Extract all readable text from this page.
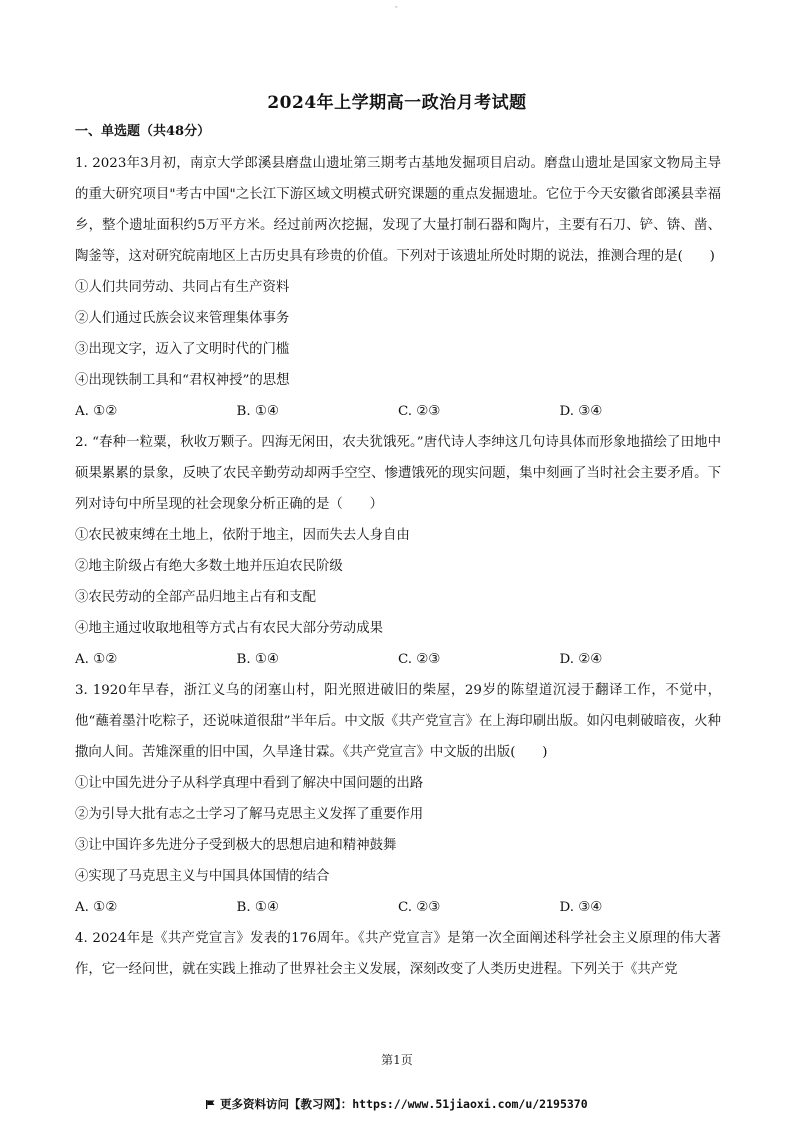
"
2024年上学期高一政治月考试题

一、单选题（共48分）

1. 2023年3月初，南京大学郎溪县磨盘山遗址第三期考古基地发掘项目启动。磨盘山遗址是国家文物局主导的重大研究项目"考古中国"之长江下游区域文明模式研究课题的重点发掘遗址。它位于今天安徽省郎溪县幸福乡，整个遗址面积约5万平方米。经过前两次挖掘，发现了大量打制石器和陶片，主要有石刀、铲、锛、凿、陶釜等，这对研究皖南地区上古历史具有珍贵的价值。下列对于该遗址所处时期的说法，推测合理的是(　　)

①人们共同劳动、共同占有生产资料

②人们通过氏族会议来管理集体事务

③出现文字，迈入了文明时代的门槛

④出现铁制工具和“君权神授”的思想

A. ①②	B. ①④	C. ②③	D. ③④

2. “春种一粒粟，秋收万颗子。四海无闲田，农夫犹饿死。”唐代诗人李绅这几句诗具体而形象地描绘了田地中硕果累累的景象，反映了农民辛勤劳动却两手空空、惨遭饿死的现实问题，集中刻画了当时社会主要矛盾。下列对诗句中所呈现的社会现象分析正确的是（　　）

①农民被束缚在土地上，依附于地主，因而失去人身自由

②地主阶级占有绝大多数土地并压迫农民阶级

③农民劳动的全部产品归地主占有和支配

④地主通过收取地租等方式占有农民大部分劳动成果

A. ①②	B. ①④	C. ②③	D. ②④

3. 1920年早春，浙江义乌的闭塞山村，阳光照进破旧的柴屋，29岁的陈望道沉浸于翻译工作，不觉中，他“蘸着墨汁吃粽子，还说味道很甜”半年后。中文版《共产党宣言》在上海印刷出版。如闪电刺破暗夜，火种撒向人间。苦雉深重的旧中国，久旱逢甘霖。《共产党宣言》中文版的出版(　　)

①让中国先进分子从科学真理中看到了解决中国问题的出路

②为引导大批有志之士学习了解马克思主义发挥了重要作用

③让中国许多先进分子受到极大的思想启迪和精神鼓舞

④实现了马克思主义与中国具体国情的结合

A. ①②	B. ①④	C. ②③	D. ③④

4. 2024年是《共产党宣言》发表的176周年。《共产党宣言》是第一次全面阐述科学社会主义原理的伟大著作，它一经问世，就在实践上推动了世界社会主义发展，深刻改变了人类历史进程。下列关于《共产党

第1页
更多资料访问【教习网】：https://www.51jiaoxi.com/u/2195370
